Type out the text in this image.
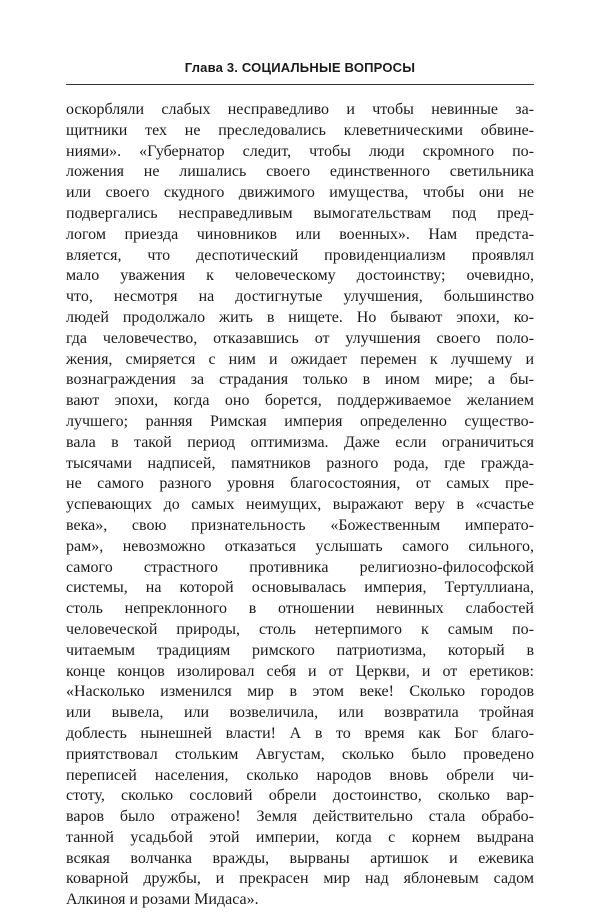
Глава 3. СОЦИАЛЬНЫЕ ВОПРОСЫ
оскорбляли слабых несправедливо и чтобы невинные за-
щитники тех не преследовались клеветническими обвине-
ниями». «Губернатор следит, чтобы люди скромного по-
ложения не лишались своего единственного светильника
или своего скудного движимого имущества, чтобы они не
подвергались несправедливым вымогательствам под пред-
логом приезда чиновников или военных». Нам предста-
вляется, что деспотический провиденциализм проявлял
мало уважения к человеческому достоинству; очевидно,
что, несмотря на достигнутые улучшения, большинство
людей продолжало жить в нищете. Но бывают эпохи, ко-
гда человечество, отказавшись от улучшения своего поло-
жения, смиряется с ним и ожидает перемен к лучшему и
вознаграждения за страдания только в ином мире; а бы-
вают эпохи, когда оно борется, поддерживаемое желанием
лучшего; ранняя Римская империя определенно существо-
вала в такой период оптимизма. Даже если ограничиться
тысячами надписей, памятников разного рода, где гражда-
не самого разного уровня благосостояния, от самых пре-
успевающих до самых неимущих, выражают веру в «счастье
века», свою признательность «Божественным императо-
рам», невозможно отказаться услышать самого сильного,
самого страстного противника религиозно-философской
системы, на которой основывалась империя, Тертуллиана,
столь непреклонного в отношении невинных слабостей
человеческой природы, столь нетерпимого к самым по-
читаемым традициям римского патриотизма, который в
конце концов изолировал себя и от Церкви, и от еретиков:
«Насколько изменился мир в этом веке! Сколько городов
или вывела, или возвеличила, или возвратила тройная
доблесть нынешней власти! А в то время как Бог благо-
приятствовал стольким Августам, сколько было проведено
переписей населения, сколько народов вновь обрели чи-
стоту, сколько сословий обрели достоинство, сколько вар-
варов было отражено! Земля действительно стала обрабо-
танной усадьбой этой империи, когда с корнем выдрана
всякая волчанка вражды, вырваны артишок и ежевика
коварной дружбы, и прекрасен мир над яблоневым садом
Алкиноя и розами Мидаса».
